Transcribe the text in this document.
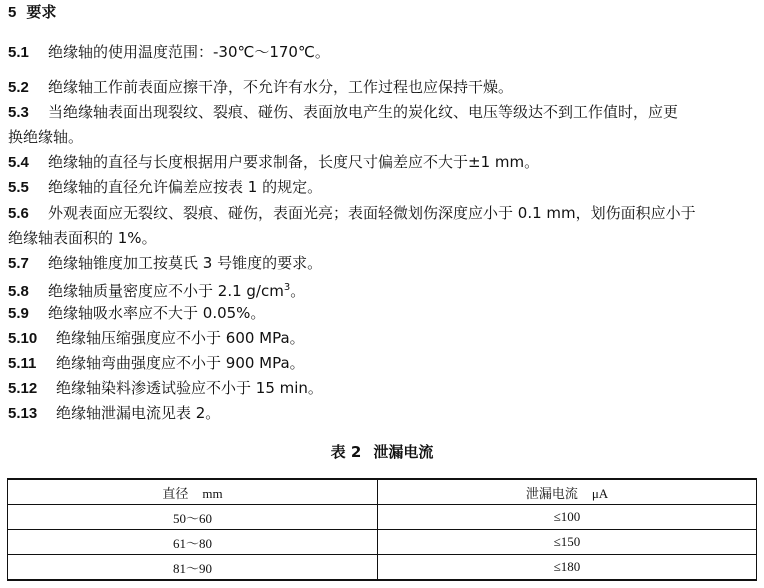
5 要求
5.1 绝缘轴的使用温度范围：-30℃～170℃。
5.2 绝缘轴工作前表面应擦干净，不允许有水分，工作过程也应保持干燥。
5.3 当绝缘轴表面出现裂纹、裂痕、碰伤、表面放电产生的炭化纹、电压等级达不到工作值时，应更
换绝缘轴。
5.4 绝缘轴的直径与长度根据用户要求制备，长度尺寸偏差应不大于±1 mm。
5.5 绝缘轴的直径允许偏差应按表 1 的规定。
5.6 外观表面应无裂纹、裂痕、碰伤，表面光亮；表面轻微划伤深度应小于 0.1 mm，划伤面积应小于
绝缘轴表面积的 1%。
5.7 绝缘轴锥度加工按莫氏 3 号锥度的要求。
5.8 绝缘轴质量密度应不小于 2.1 $g/cm^3$。
5.9 绝缘轴吸水率应不大于 0.05%。
5.10 绝缘轴压缩强度应不小于 600 MPa。
5.11 绝缘轴弯曲强度应不小于 900 MPa。
5.12 绝缘轴染料渗透试验应不小于 15 min。
5.13 绝缘轴泄漏电流见表 2。
表 2 泄漏电流
直径 mm	泄漏电流 μA
50～60	≤100
61～80	≤150
81～90	≤180
